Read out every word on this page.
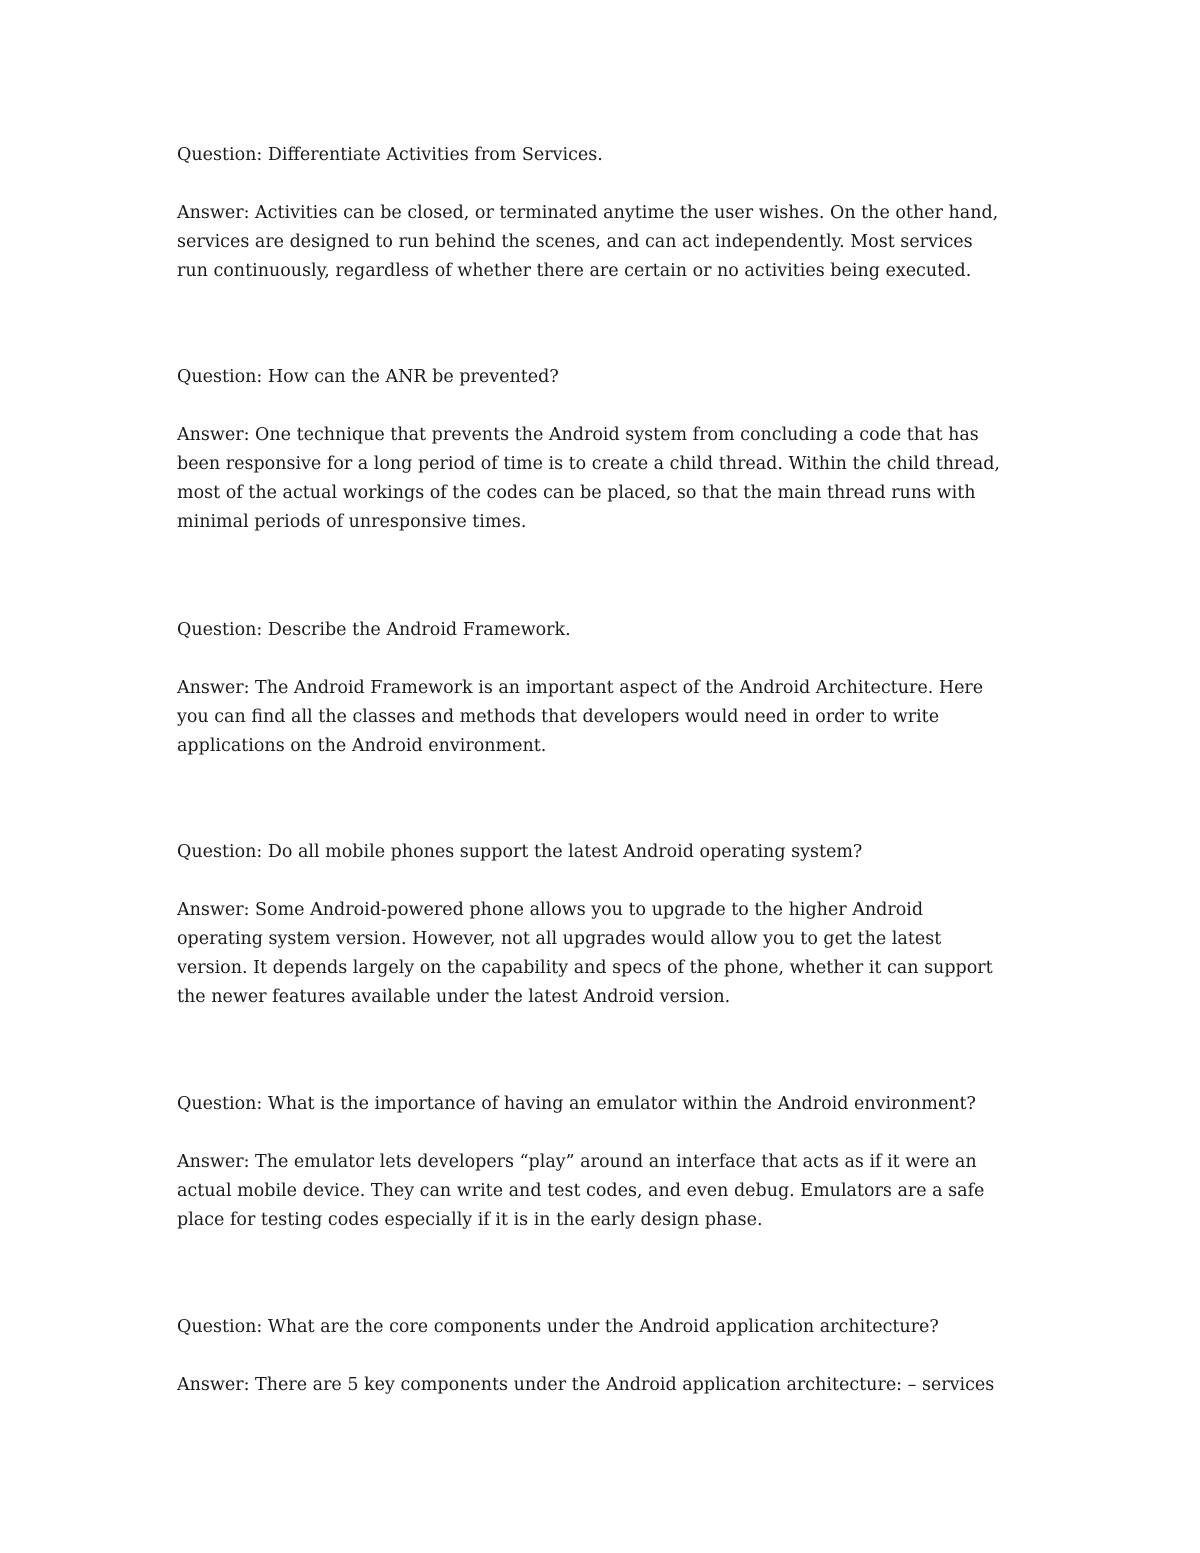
Question: Differentiate Activities from Services.
Answer: Activities can be closed, or terminated anytime the user wishes. On the other hand,
services are designed to run behind the scenes, and can act independently. Most services
run continuously, regardless of whether there are certain or no activities being executed.
Question: How can the ANR be prevented?
Answer: One technique that prevents the Android system from concluding a code that has
been responsive for a long period of time is to create a child thread. Within the child thread,
most of the actual workings of the codes can be placed, so that the main thread runs with
minimal periods of unresponsive times.
Question: Describe the Android Framework.
Answer: The Android Framework is an important aspect of the Android Architecture. Here
you can find all the classes and methods that developers would need in order to write
applications on the Android environment.
Question: Do all mobile phones support the latest Android operating system?
Answer: Some Android-powered phone allows you to upgrade to the higher Android
operating system version. However, not all upgrades would allow you to get the latest
version. It depends largely on the capability and specs of the phone, whether it can support
the newer features available under the latest Android version.
Question: What is the importance of having an emulator within the Android environment?
Answer: The emulator lets developers “play” around an interface that acts as if it were an
actual mobile device. They can write and test codes, and even debug. Emulators are a safe
place for testing codes especially if it is in the early design phase.
Question: What are the core components under the Android application architecture?
Answer: There are 5 key components under the Android application architecture: – services
